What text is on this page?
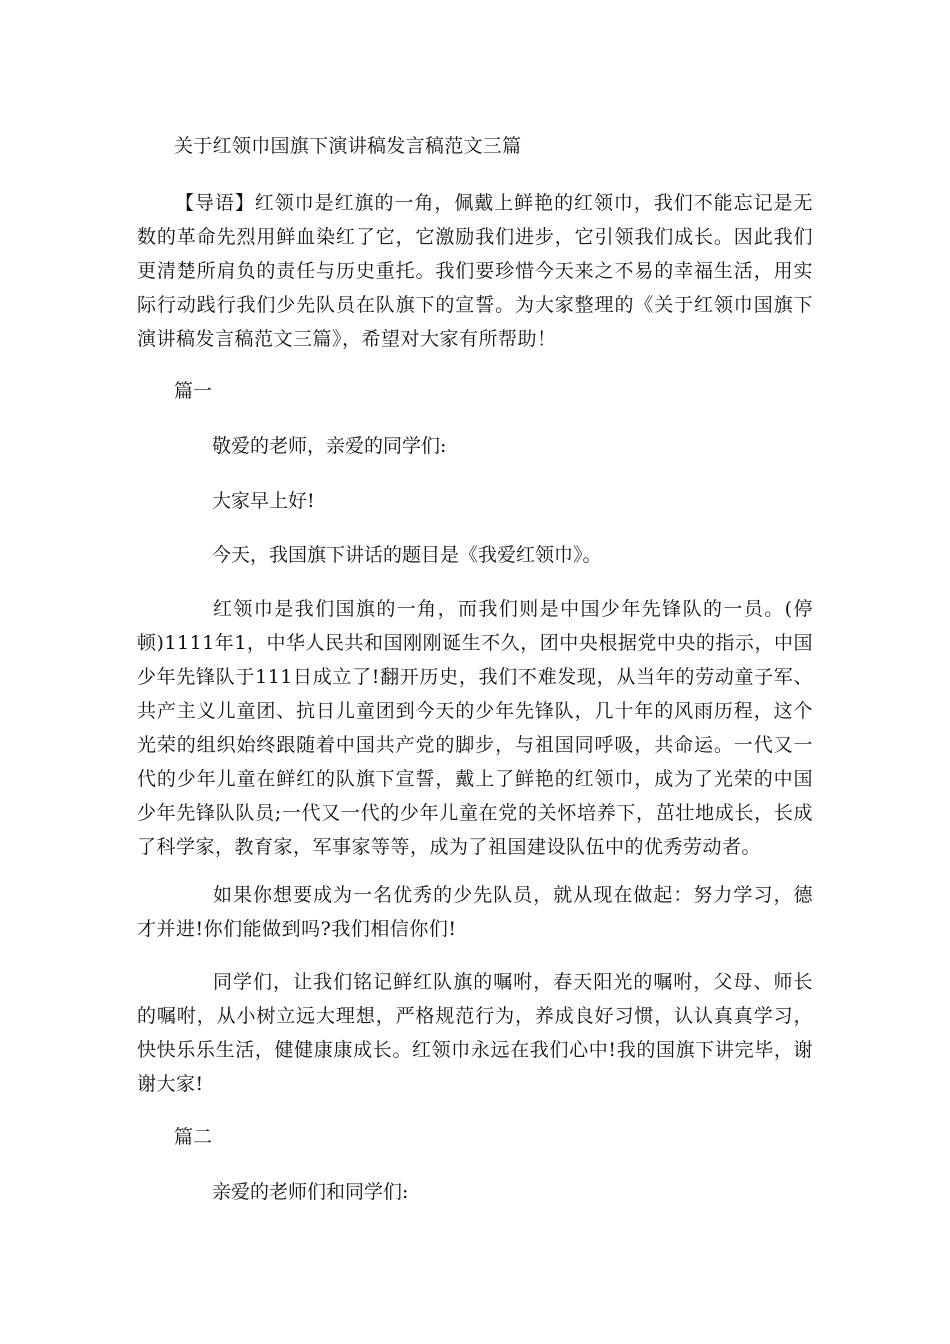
关于红领巾国旗下演讲稿发言稿范文三篇
【导语】红领巾是红旗的一角，佩戴上鲜艳的红领巾，我们不能忘记是无数的革命先烈用鲜血染红了它，它激励我们进步，它引领我们成长。因此我们更清楚所肩负的责任与历史重托。我们要珍惜今天来之不易的幸福生活，用实际行动践行我们少先队员在队旗下的宣誓。为大家整理的《关于红领巾国旗下演讲稿发言稿范文三篇》，希望对大家有所帮助！
篇一
敬爱的老师，亲爱的同学们:
大家早上好!
今天，我国旗下讲话的题目是《我爱红领巾》。
红领巾是我们国旗的一角，而我们则是中国少年先锋队的一员。(停顿)1111年1，中华人民共和国刚刚诞生不久，团中央根据党中央的指示，中国少年先锋队于111日成立了!翻开历史，我们不难发现，从当年的劳动童子军、共产主义儿童团、抗日儿童团到今天的少年先锋队，几十年的风雨历程，这个光荣的组织始终跟随着中国共产党的脚步，与祖国同呼吸，共命运。一代又一代的少年儿童在鲜红的队旗下宣誓，戴上了鲜艳的红领巾，成为了光荣的中国少年先锋队队员;一代又一代的少年儿童在党的关怀培养下，茁壮地成长，长成了科学家，教育家，军事家等等，成为了祖国建设队伍中的优秀劳动者。
如果你想要成为一名优秀的少先队员，就从现在做起：努力学习，德才并进!你们能做到吗?我们相信你们!
同学们，让我们铭记鲜红队旗的嘱咐，春天阳光的嘱咐，父母、师长的嘱咐，从小树立远大理想，严格规范行为，养成良好习惯，认认真真学习，快快乐乐生活，健健康康成长。红领巾永远在我们心中!我的国旗下讲完毕，谢谢大家!
篇二
亲爱的老师们和同学们:
